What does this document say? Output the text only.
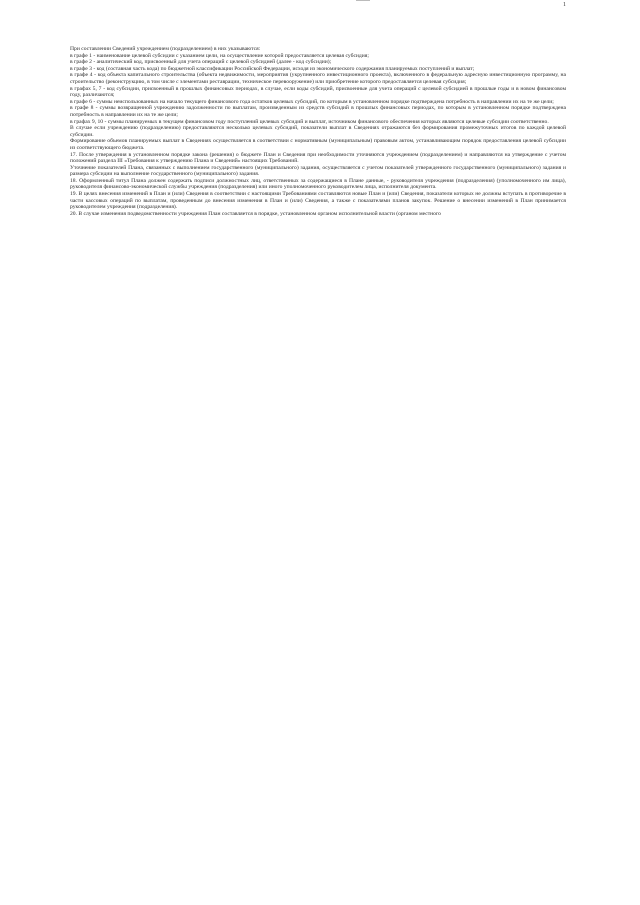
1

При составлении Сведений учреждением (подразделением) в них указываются:

в графе 1 - наименование целевой субсидии с указанием цели, на осуществление которой предоставляется целевая субсидия;

в графе 2 - аналитический код, присвоенный для учета операций с целевой субсидией (далее - код субсидии);

в графе 3 - код (составная часть кода) по бюджетной классификации Российской Федерации, исходя из экономического содержания планируемых поступлений и выплат;

в графе 4 - код объекта капитального строительства (объекта недвижимости, мероприятия (укрупненного инвестиционного проекта), включенного в федеральную адресную инвестиционную программу, на строительство (реконструкцию, в том числе с элементами реставрации, техническое перевооружение) или приобретение которого предоставляется целевая субсидия;

в графах 5, 7 - код субсидии, присвоенный в прошлых финансовых периодах, в случае, если коды субсидий, присвоенные для учета операций с целевой субсидией в прошлые годы и в новом финансовом году, различаются;

в графе 6 - суммы неиспользованных на начало текущего финансового года остатков целевых субсидий, по которым в установленном порядке подтверждена потребность в направлении их на те же цели;

в графе 8 - суммы возвращенной учреждению задолженности по выплатам, произведенным из средств субсидий в прошлых финансовых периодах, по которым в установленном порядке подтверждена потребность в направлении их на те же цели;

в графах 9, 10 - суммы планируемых в текущем финансовом году поступлений целевых субсидий и выплат, источником финансового обеспечения которых являются целевые субсидии соответственно.

В случае если учреждению (подразделению) предоставляются несколько целевых субсидий, показатели выплат в Сведениях отражаются без формирования промежуточных итогов по каждой целевой субсидии.

Формирование объемов планируемых выплат в Сведениях осуществляется в соответствии с нормативным (муниципальным) правовым актом, устанавливающим порядок предоставления целевой субсидии из соответствующего бюджета.

17. После утверждения в установленном порядке закона (решения) о бюджете План и Сведения при необходимости уточняются учреждением (подразделением) и направляются на утверждение с учетом положений раздела III «Требования к утверждению Плана и Сведений» настоящих Требований.

Уточнение показателей Плана, связанных с выполнением государственного (муниципального) задания, осуществляется с учетом показателей утвержденного государственного (муниципального) задания и размера субсидии на выполнение государственного (муниципального) задания.

18. Оформленный титул Плана должен содержать подписи должностных лиц, ответственных за содержащиеся в Плане данные, - руководителя учреждения (подразделения) (уполномоченного им лица), руководителя финансово-экономической службы учреждения (подразделения) или иного уполномоченного руководителем лица, исполнителя документа.

19. В целях внесения изменений в План и (или) Сведения в соответствии с настоящими Требованиями составляются новые План и (или) Сведения, показатели которых не должны вступать в противоречие в части кассовых операций по выплатам, проведенным до внесения изменения в План и (или) Сведения, а также с показателями планов закупок. Решение о внесении изменений в План принимается руководителем учреждения (подразделения).

20. В случае изменения подведомственности учреждения План составляется в порядке, установленном органом исполнительной власти (органом местного
